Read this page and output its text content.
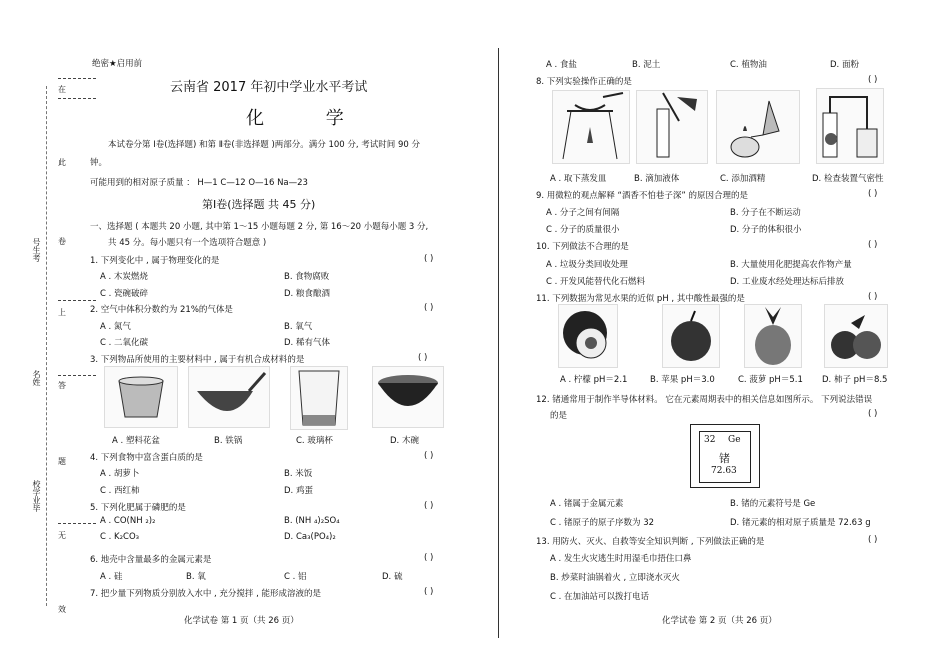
在
此
卷
上
答
题
无
效
号生考
名姓
校学业毕
绝密★启用前
云南省 2017 年初中学业水平考试
化 学
本试卷分第 Ⅰ卷(选择题) 和第 Ⅱ卷(非选择题 )两部分。满分 100 分, 考试时间 90 分
钟。
可能用到的相对原子质量 ： H—1 C—12 O—16 Na—23
第Ⅰ卷(选择题 共 45 分)
一、选择题 ( 本题共 20 小题, 其中第 1～15 小题每题 2 分, 第 16～20 小题每小题 3 分,
共 45 分。每小题只有一个选项符合题意 )
1. 下列变化中 , 属于物理变化的是	( )
A . 木炭燃烧	B. 食物腐败
C . 瓷碗破碎	D. 粮食酿酒
2. 空气中体积分数约为 21%的气体是	( )
A . 氮气	B. 氧气
C . 二氧化碳	D. 稀有气体
3. 下列物品所使用的主要材料中 , 属于有机合成材料的是	( )
A . 塑料花盆	B. 铁锅	C. 玻璃杯	D. 木碗
4. 下列食物中富含蛋白质的是	( )
A . 胡萝卜	B. 米饭
C . 西红柿	D. 鸡蛋
5. 下列化肥属于磷肥的是	( )
A . CO(NH ₂)₂	B. (NH ₄)₂SO₄
C . K₂CO₃	D. Ca₃(PO₄)₂
6. 地壳中含量最多的金属元素是	( )
A . 硅	B. 氧	C . 铝	D. 硫
7. 把少量下列物质分别放入水中 , 充分搅拌 , 能形成溶液的是	( )
化学试卷 第 1 页（共 26 页）
A . 食盐	B. 泥土	C. 植物油	D. 面粉
8. 下列实验操作正确的是	( )
A . 取下蒸发皿	B. 滴加液体	C. 添加酒精	D. 检查装置气密性
9. 用微粒的观点解释 “酒香不怕巷子深” 的原因合理的是	( )
A . 分子之间有间隔	B. 分子在不断运动
C . 分子的质量很小	D. 分子的体积很小
10. 下列做法不合理的是	( )
A . 垃圾分类回收处理	B. 大量使用化肥提高农作物产量
C . 开发风能替代化石燃料	D. 工业废水经处理达标后排放
11. 下列数据为常见水果的近似 pH , 其中酸性最强的是	( )
A . 柠檬 pH＝2.1	B. 苹果 pH＝3.0	C. 菠萝 pH＝5.1 D. 柿子 pH＝8.5
12. 锗通常用于制作半导体材料。 它在元素周期表中的相关信息如图所示。 下列说法错误
的是	( )
32 Ge
锗
72.63
A . 锗属于金属元素	B. 锗的元素符号是 Ge
C . 锗原子的原子序数为 32	D. 锗元素的相对原子质量是 72.63 g
13. 用防火、灭火、自救等安全知识判断 , 下列做法正确的是	( )
A . 发生火灾逃生时用湿毛巾捂住口鼻
B. 炒菜时油锅着火 , 立即浇水灭火
C . 在加油站可以拨打电话
化学试卷 第 2 页（共 26 页）
